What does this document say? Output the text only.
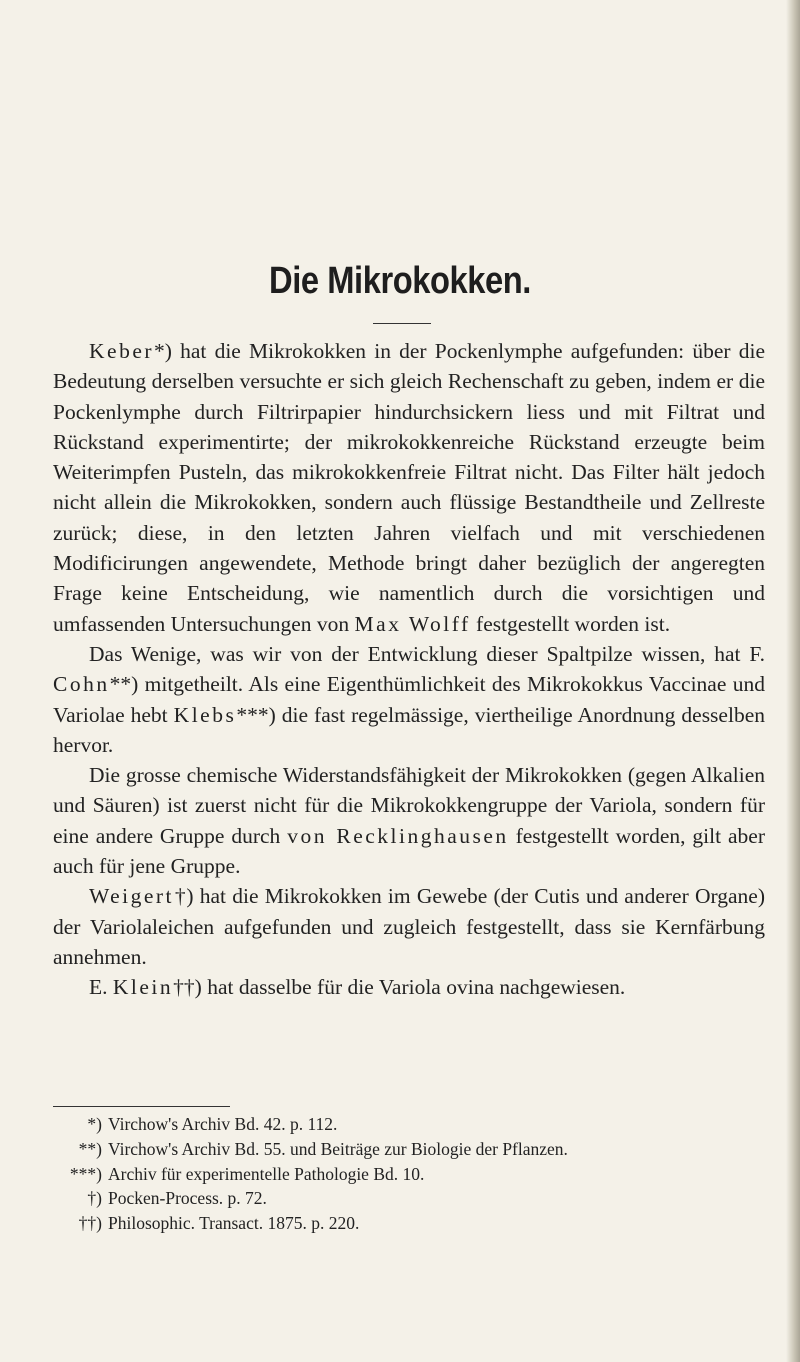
Die Mikrokokken.

Keber*) hat die Mikrokokken in der Pockenlymphe aufgefunden: über die Bedeutung derselben versuchte er sich gleich Rechenschaft zu geben, indem er die Pockenlymphe durch Filtrirpapier hindurchsickern liess und mit Filtrat und Rückstand experimentirte; der mikrokokkenreiche Rückstand erzeugte beim Weiterimpfen Pusteln, das mikrokokkenfreie Filtrat nicht. Das Filter hält jedoch nicht allein die Mikrokokken, sondern auch flüssige Bestandtheile und Zellreste zurück; diese, in den letzten Jahren vielfach und mit verschiedenen Modificirungen angewendete, Methode bringt daher bezüglich der angeregten Frage keine Entscheidung, wie namentlich durch die vorsichtigen und umfassenden Untersuchungen von Max Wolff festgestellt worden ist.

Das Wenige, was wir von der Entwicklung dieser Spaltpilze wissen, hat F. Cohn**) mitgetheilt. Als eine Eigenthümlichkeit des Mikrokokkus Vaccinae und Variolae hebt Klebs***) die fast regelmässige, viertheilige Anordnung desselben hervor.

Die grosse chemische Widerstandsfähigkeit der Mikrokokken (gegen Alkalien und Säuren) ist zuerst nicht für die Mikrokokkengruppe der Variola, sondern für eine andere Gruppe durch von Recklinghausen festgestellt worden, gilt aber auch für jene Gruppe.

Weigert†) hat die Mikrokokken im Gewebe (der Cutis und anderer Organe) der Variolaleichen aufgefunden und zugleich festgestellt, dass sie Kernfärbung annehmen.

E. Klein††) hat dasselbe für die Variola ovina nachgewiesen.

*) Virchow's Archiv Bd. 42. p. 112.
**) Virchow's Archiv Bd. 55. und Beiträge zur Biologie der Pflanzen.
***) Archiv für experimentelle Pathologie Bd. 10.
†) Pocken-Process. p. 72.
††) Philosophic. Transact. 1875. p. 220.
